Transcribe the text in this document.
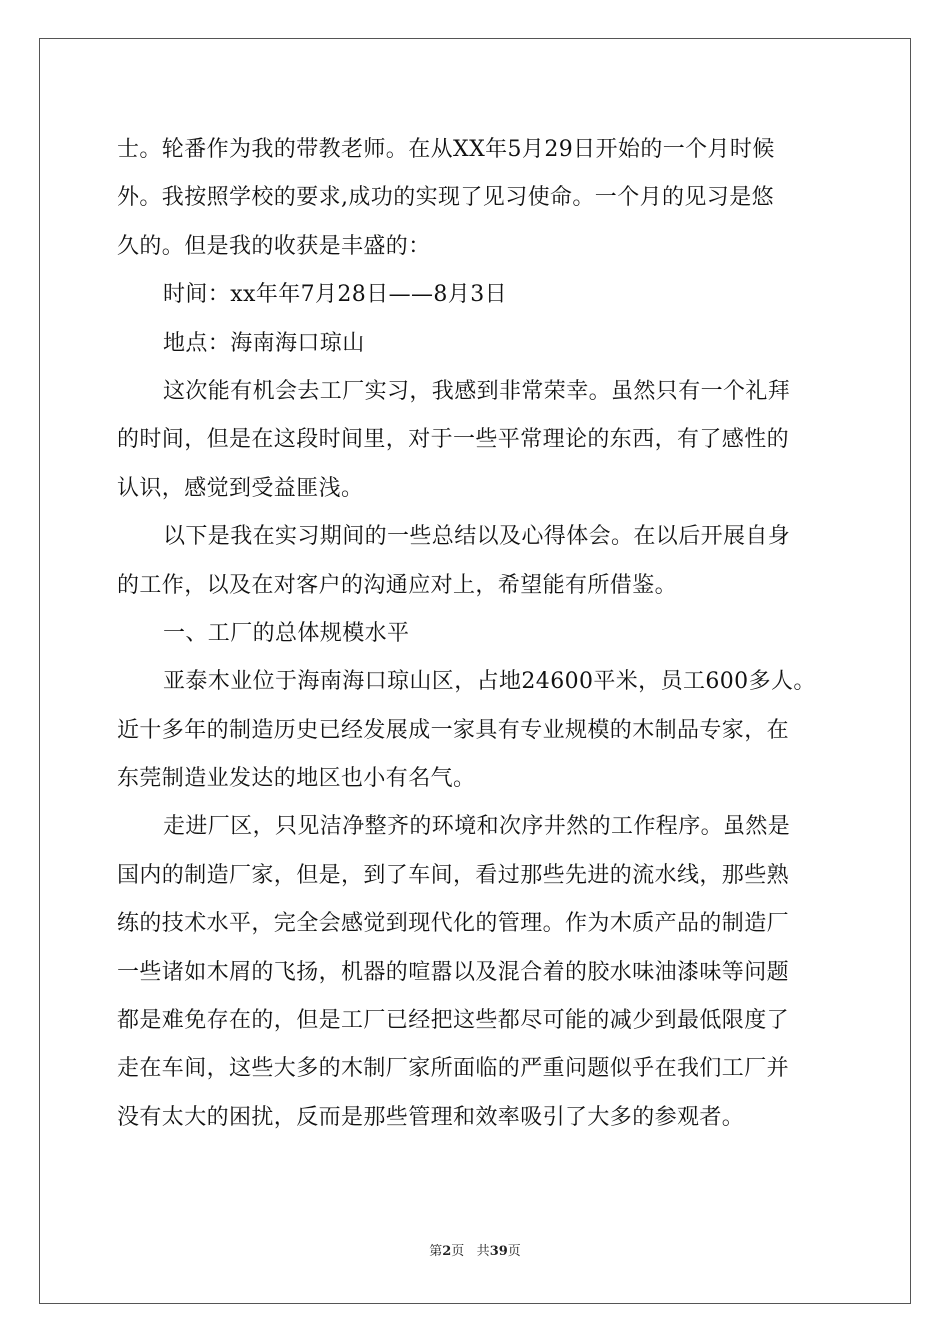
士。轮番作为我的带教老师。在从XX年5月29日开始的一个月时候
外。我按照学校的要求,成功的实现了见习使命。一个月的见习是悠
久的。但是我的收获是丰盛的：
时间：xx年年7月28日——8月3日
地点：海南海口琼山
这次能有机会去工厂实习，我感到非常荣幸。虽然只有一个礼拜
的时间，但是在这段时间里，对于一些平常理论的东西，有了感性的
认识，感觉到受益匪浅。
以下是我在实习期间的一些总结以及心得体会。在以后开展自身
的工作，以及在对客户的沟通应对上，希望能有所借鉴。
一、工厂的总体规模水平
亚泰木业位于海南海口琼山区，占地24600平米，员工600多人。
近十多年的制造历史已经发展成一家具有专业规模的木制品专家，在
东莞制造业发达的地区也小有名气。
走进厂区，只见洁净整齐的环境和次序井然的工作程序。虽然是
国内的制造厂家，但是，到了车间，看过那些先进的流水线，那些熟
练的技术水平，完全会感觉到现代化的管理。作为木质产品的制造厂
一些诸如木屑的飞扬，机器的喧嚣以及混合着的胶水味油漆味等问题
都是难免存在的，但是工厂已经把这些都尽可能的减少到最低限度了
走在车间，这些大多的木制厂家所面临的严重问题似乎在我们工厂并
没有太大的困扰，反而是那些管理和效率吸引了大多的参观者。
第2页 共39页
